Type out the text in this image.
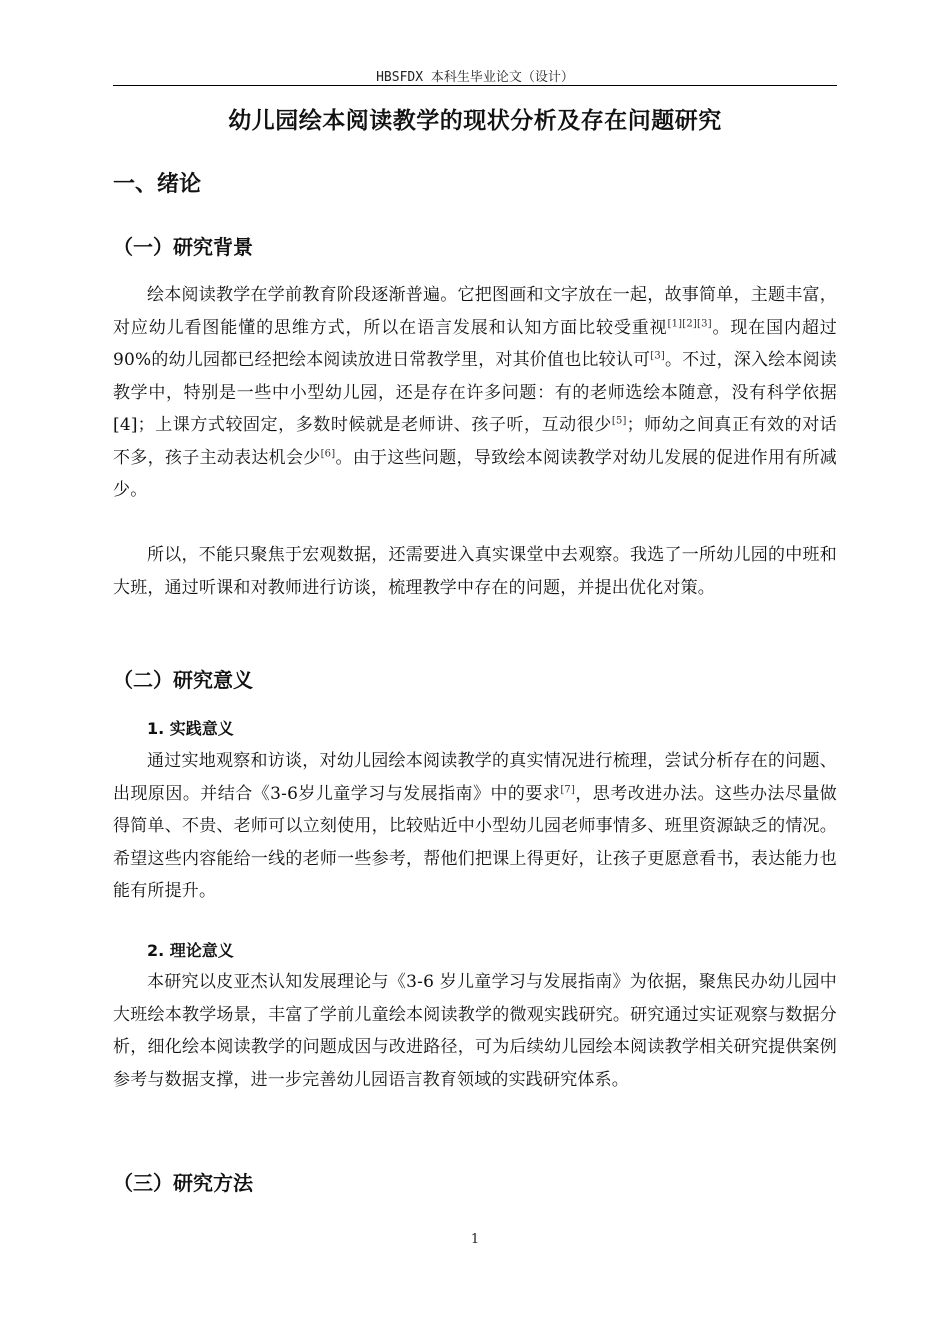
HBSFDX 本科生毕业论文（设计）
幼儿园绘本阅读教学的现状分析及存在问题研究
一、绪论
（一）研究背景

绘本阅读教学在学前教育阶段逐渐普遍。它把图画和文字放在一起，故事简单，主题丰富，对应幼儿看图能懂的思维方式，所以在语言发展和认知方面比较受重视[1][2][3]。现在国内超过90%的幼儿园都已经把绘本阅读放进日常教学里，对其价值也比较认可[3]。不过，深入绘本阅读教学中，特别是一些中小型幼儿园，还是存在许多问题：有的老师选绘本随意，没有科学依据[4]；上课方式较固定，多数时候就是老师讲、孩子听，互动很少[5]；师幼之间真正有效的对话不多，孩子主动表达机会少[6]。由于这些问题，导致绘本阅读教学对幼儿发展的促进作用有所减少。

所以，不能只聚焦于宏观数据，还需要进入真实课堂中去观察。我选了一所幼儿园的中班和大班，通过听课和对教师进行访谈，梳理教学中存在的问题，并提出优化对策。

（二）研究意义
1. 实践意义

通过实地观察和访谈，对幼儿园绘本阅读教学的真实情况进行梳理，尝试分析存在的问题、出现原因。并结合《3-6岁儿童学习与发展指南》中的要求[7]，思考改进办法。这些办法尽量做得简单、不贵、老师可以立刻使用，比较贴近中小型幼儿园老师事情多、班里资源缺乏的情况。希望这些内容能给一线的老师一些参考，帮他们把课上得更好，让孩子更愿意看书，表达能力也能有所提升。

2. 理论意义

本研究以皮亚杰认知发展理论与《3-6 岁儿童学习与发展指南》为依据，聚焦民办幼儿园中大班绘本教学场景，丰富了学前儿童绘本阅读教学的微观实践研究。研究通过实证观察与数据分析，细化绘本阅读教学的问题成因与改进路径，可为后续幼儿园绘本阅读教学相关研究提供案例参考与数据支撑，进一步完善幼儿园语言教育领域的实践研究体系。

（三）研究方法
1
